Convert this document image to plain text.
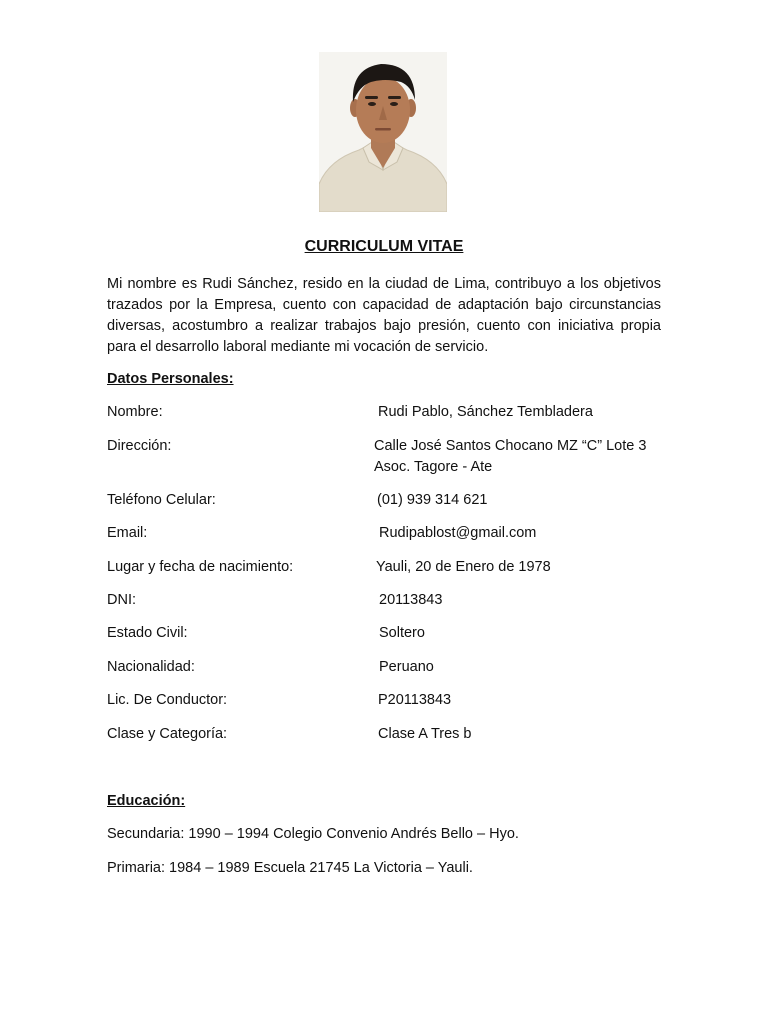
CURRICULUM VITAE

Mi nombre es Rudi Sánchez, resido en la ciudad de Lima, contribuyo a los objetivos trazados por la Empresa, cuento con capacidad de adaptación bajo circunstancias diversas, acostumbro a realizar trabajos bajo presión, cuento con iniciativa propia para el desarrollo laboral mediante mi vocación de servicio.

Datos Personales:
Nombre:	Rudi Pablo, Sánchez Tembladera
Dirección:	Calle José Santos Chocano MZ “C” Lote 3
Asoc. Tagore - Ate
Teléfono Celular:	(01) 939 314 621
Email:	Rudipablost@gmail.com
Lugar y fecha de nacimiento:	Yauli, 20 de Enero de 1978
DNI:	20113843
Estado Civil:	Soltero
Nacionalidad:	Peruano
Lic. De Conductor:	P20113843
Clase y Categoría:	Clase A Tres b
Educación:
Secundaria: 1990 – 1994 Colegio Convenio Andrés Bello – Hyo.
Primaria: 1984 – 1989 Escuela 21745 La Victoria – Yauli.
